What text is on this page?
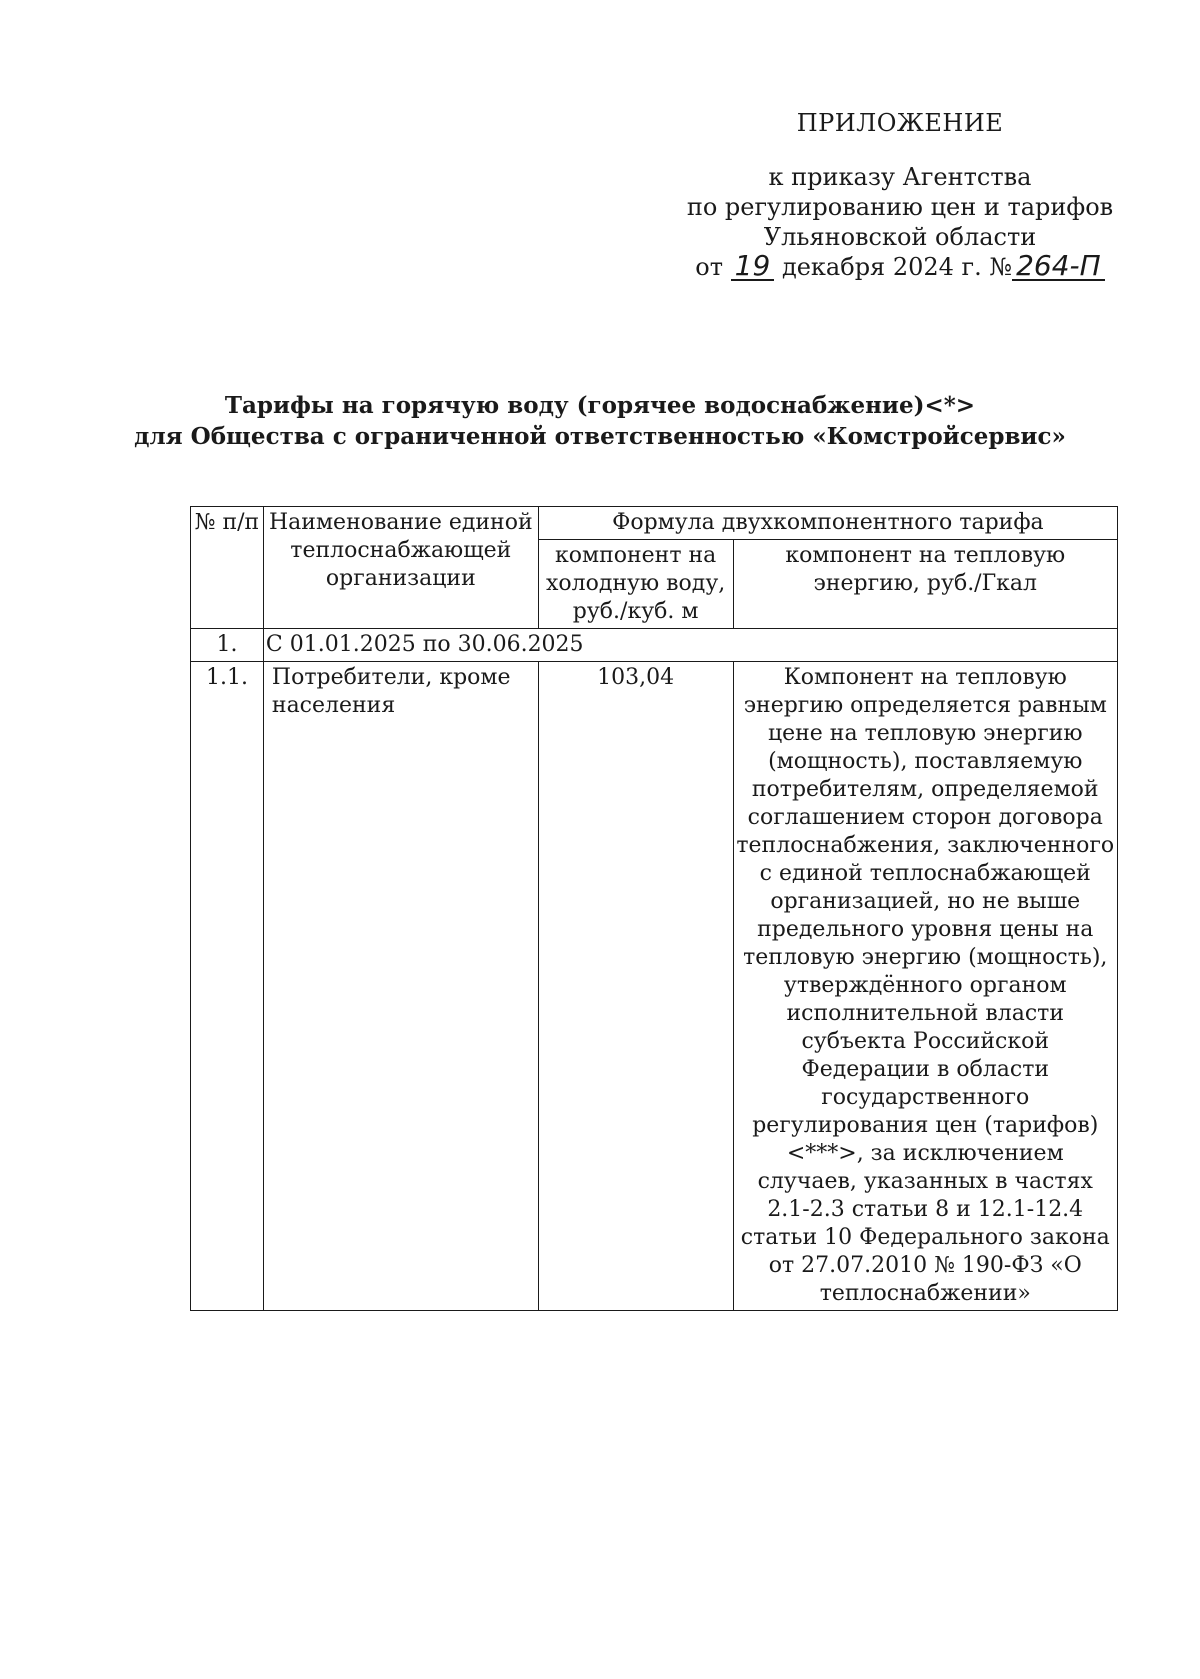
ПРИЛОЖЕНИЕ
к приказу Агентства
по регулированию цен и тарифов
Ульяновской области
от 19 декабря 2024 г. № 264-П
Тарифы на горячую воду (горячее водоснабжение)<*>
для Общества с ограниченной ответственностью «Комстройсервис»
№ п/п	Наименование единой теплоснабжающей организации	Формула двухкомпонентного тарифа	
		компонент на холодную воду, руб./куб. м	компонент на тепловую энергию, руб./Гкал
1.	С 01.01.2025 по 30.06.2025		
1.1.	Потребители, кроме населения	103,04	Компонент на тепловую энергию определяется равным цене на тепловую энергию (мощность), поставляемую потребителям, определяемой соглашением сторон договора теплоснабжения, заключенного с единой теплоснабжающей организацией, но не выше предельного уровня цены на тепловую энергию (мощность), утверждённого органом исполнительной власти субъекта Российской Федерации в области государственного регулирования цен (тарифов)<***>, за исключением случаев, указанных в частях 2.1-2.3 статьи 8 и 12.1-12.4 статьи 10 Федерального закона от 27.07.2010 № 190-ФЗ «О теплоснабжении»
